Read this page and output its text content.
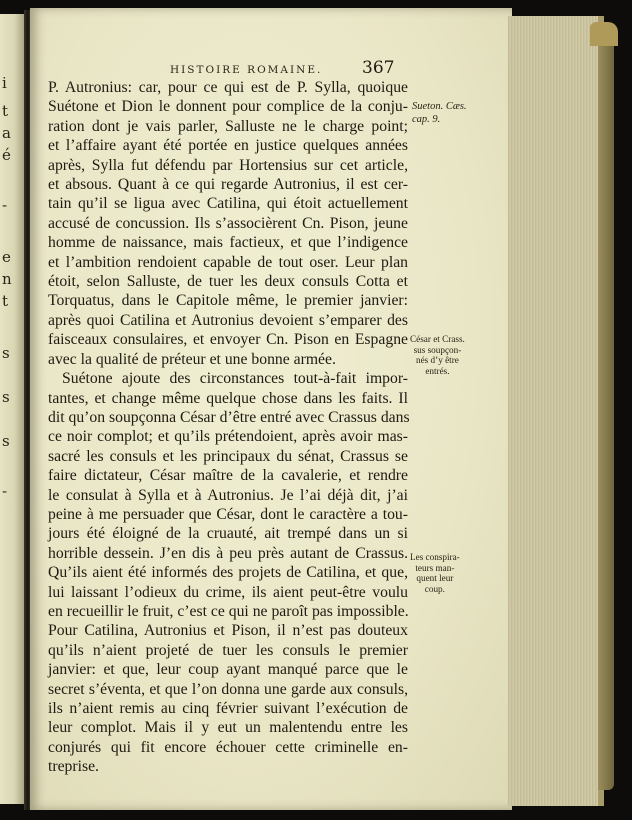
i
t
a
é
-
e
n
t
s
s
s
-
HISTOIRE ROMAINE. 367
P. Autronius: car, pour ce qui est de P. Sylla, quoique
Suétone et Dion le donnent pour complice de la conju-
ration dont je vais parler, Salluste ne le charge point;
et l’affaire ayant été portée en justice quelques années
après, Sylla fut défendu par Hortensius sur cet article,
et absous. Quant à ce qui regarde Autronius, il est cer-
tain qu’il se ligua avec Catilina, qui étoit actuellement
accusé de concussion. Ils s’associèrent Cn. Pison, jeune
homme de naissance, mais factieux, et que l’indigence
et l’ambition rendoient capable de tout oser. Leur plan
étoit, selon Salluste, de tuer les deux consuls Cotta et
Torquatus, dans le Capitole même, le premier janvier:
après quoi Catilina et Autronius devoient s’emparer des
faisceaux consulaires, et envoyer Cn. Pison en Espagne
avec la qualité de préteur et une bonne armée.
Suétone ajoute des circonstances tout-à-fait impor-
tantes, et change même quelque chose dans les faits. Il
dit qu’on soupçonna César d’être entré avec Crassus dans
ce noir complot; et qu’ils prétendoient, après avoir mas-
sacré les consuls et les principaux du sénat, Crassus se
faire dictateur, César maître de la cavalerie, et rendre
le consulat à Sylla et à Autronius. Je l’ai déjà dit, j’ai
peine à me persuader que César, dont le caractère a tou-
jours été éloigné de la cruauté, ait trempé dans un si
horrible dessein. J’en dis à peu près autant de Crassus.
Qu’ils aient été informés des projets de Catilina, et que,
lui laissant l’odieux du crime, ils aient peut-être voulu
en recueillir le fruit, c’est ce qui ne paroît pas impossible.
Pour Catilina, Autronius et Pison, il n’est pas douteux
qu’ils n’aient projeté de tuer les consuls le premier
janvier: et que, leur coup ayant manqué parce que le
secret s’éventa, et que l’on donna une garde aux consuls,
ils n’aient remis au cinq février suivant l’exécution de
leur complot. Mais il y eut un malentendu entre les
conjurés qui fit encore échouer cette criminelle en-
treprise.
Sueton. Cæs.
cap. 9.
César et Crass.
sus soupçon-
nés d’y être
entrés.
Les conspira-
teurs man-
quent leur
coup.
